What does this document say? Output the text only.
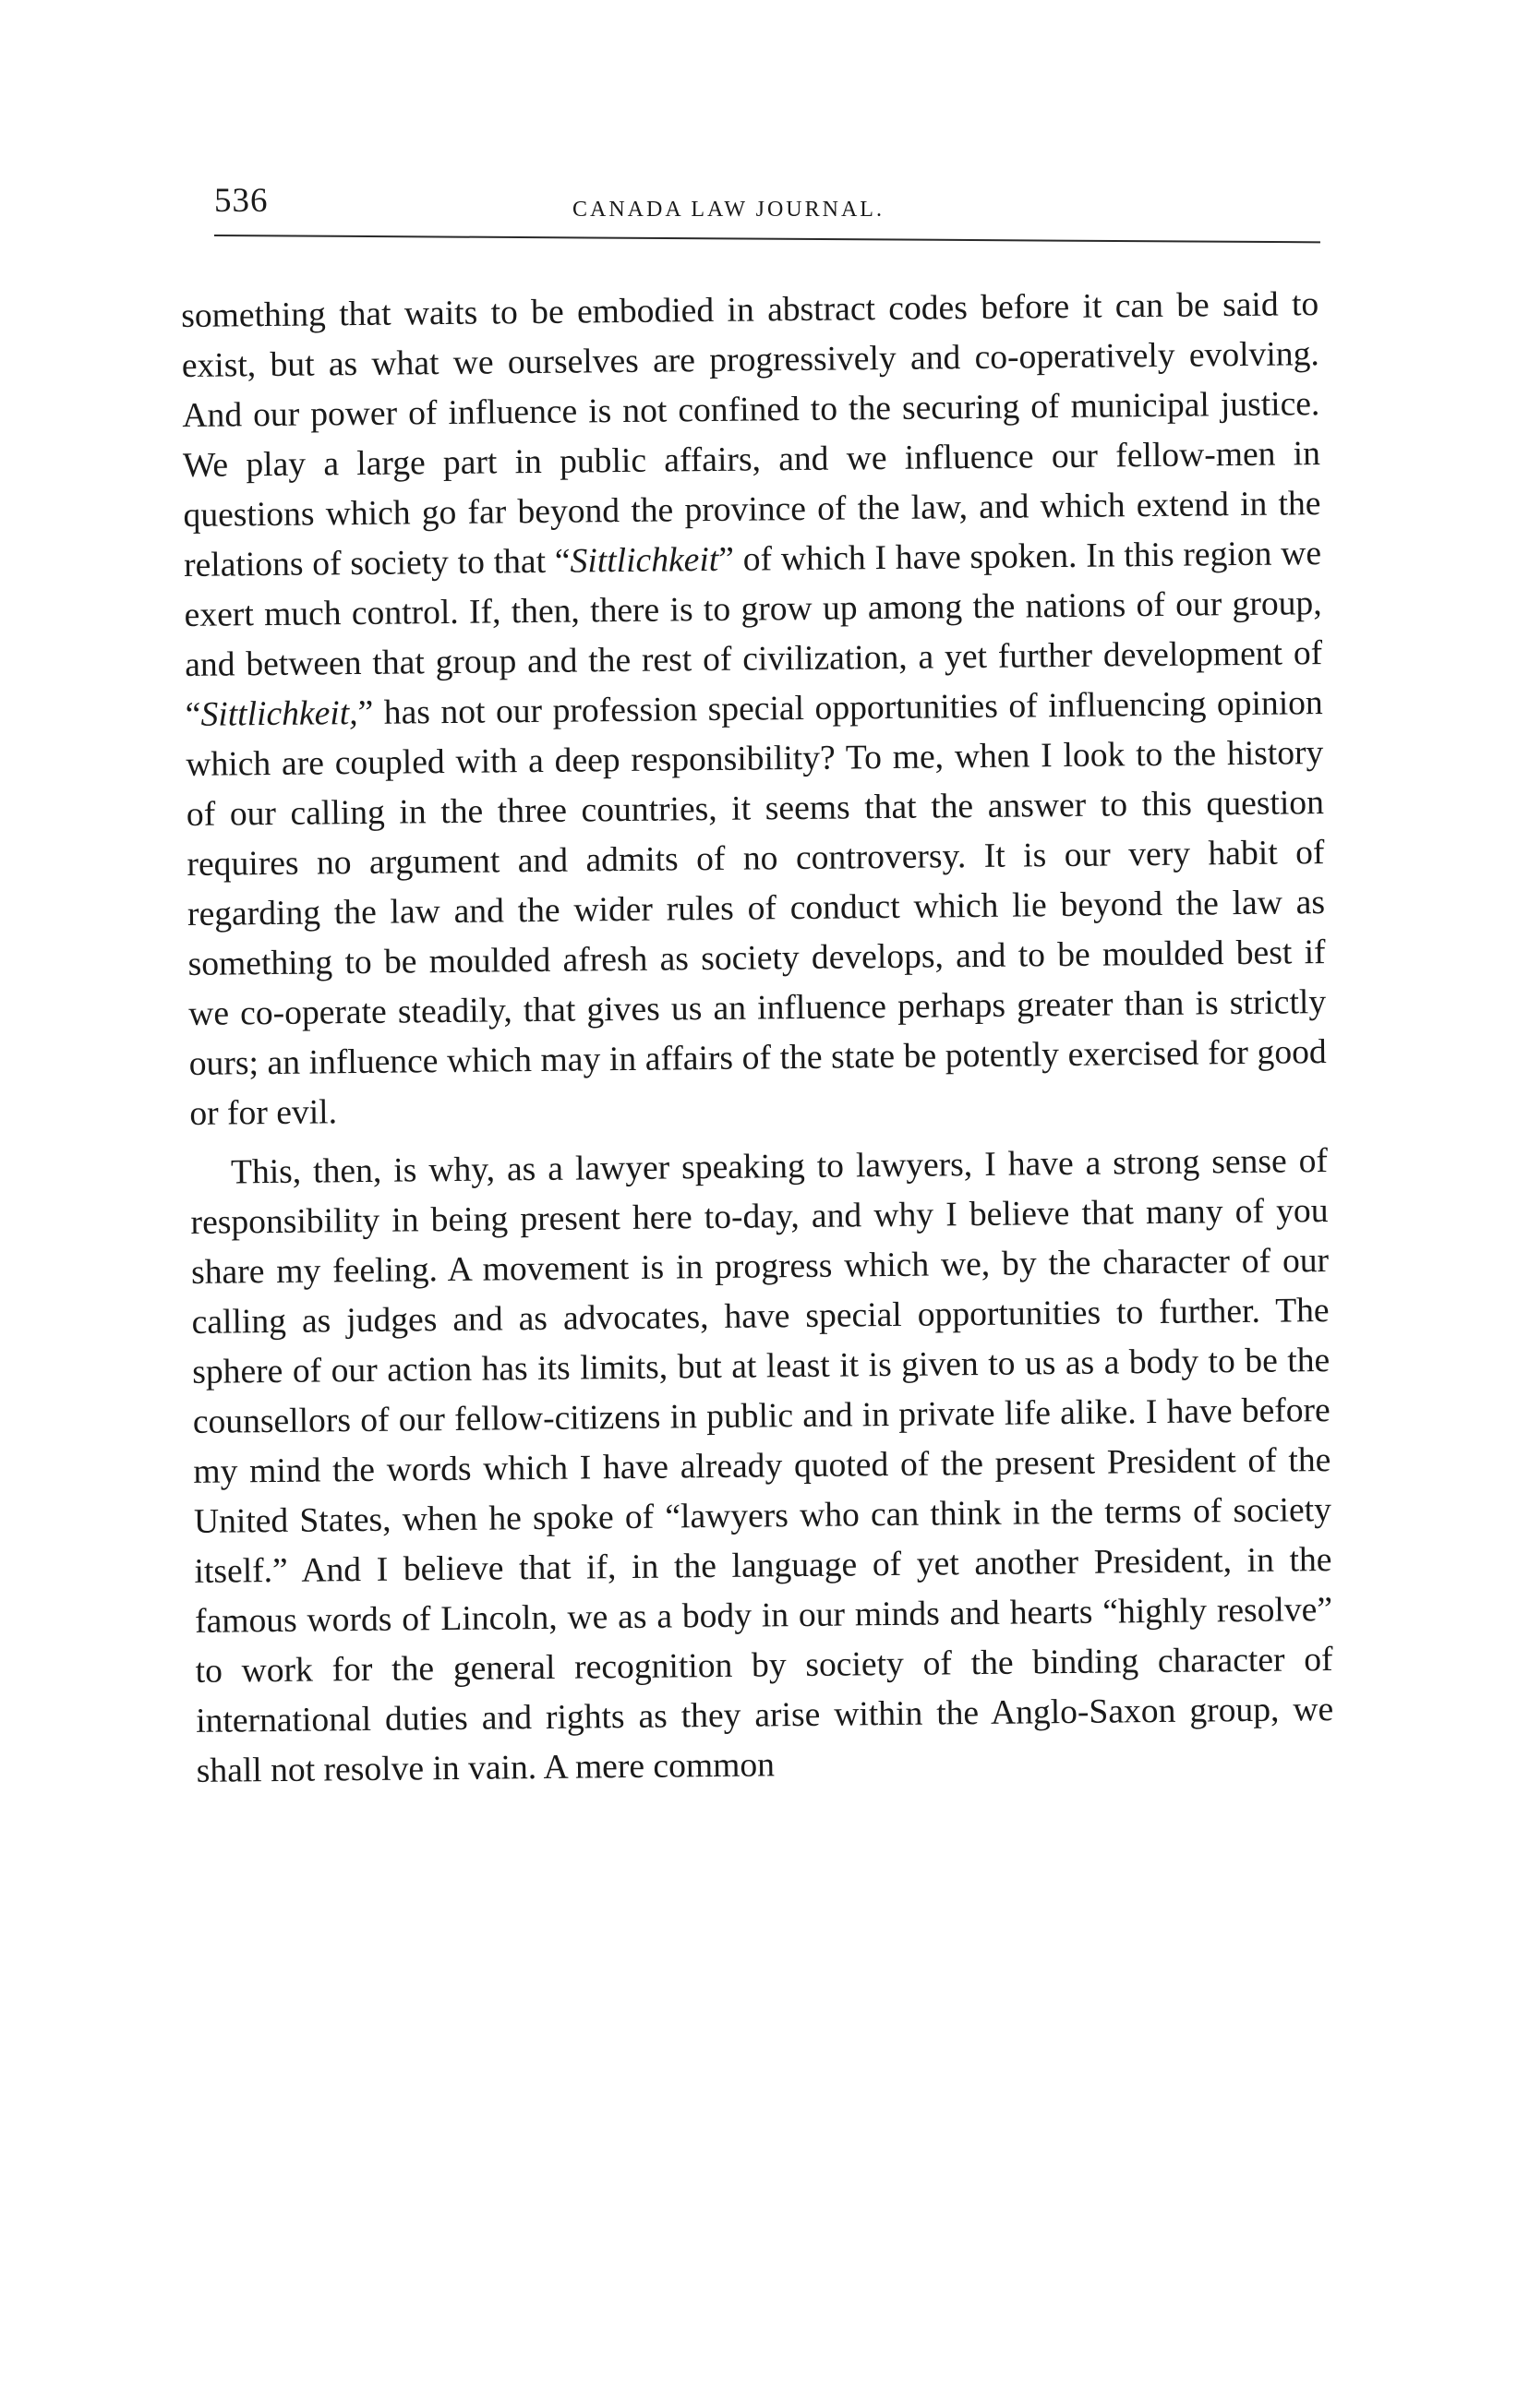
536	CANADA LAW JOURNAL.

something that waits to be embodied in abstract codes before it can be said to exist, but as what we ourselves are progressively and co-operatively evolving. And our power of influence is not confined to the securing of municipal justice. We play a large part in public affairs, and we influence our fellow-men in questions which go far beyond the province of the law, and which extend in the relations of society to that “Sittlichkeit” of which I have spoken. In this region we exert much control. If, then, there is to grow up among the nations of our group, and between that group and the rest of civilization, a yet further development of “Sittlichkeit,” has not our profession special opportunities of influencing opinion which are coupled with a deep responsibility? To me, when I look to the history of our calling in the three countries, it seems that the answer to this question requires no argument and admits of no controversy. It is our very habit of regarding the law and the wider rules of conduct which lie beyond the law as something to be moulded afresh as society develops, and to be moulded best if we co-operate steadily, that gives us an influence perhaps greater than is strictly ours; an influence which may in affairs of the state be potently exercised for good or for evil.

This, then, is why, as a lawyer speaking to lawyers, I have a strong sense of responsibility in being present here to-day, and why I believe that many of you share my feeling. A movement is in progress which we, by the character of our calling as judges and as advocates, have special opportunities to further. The sphere of our action has its limits, but at least it is given to us as a body to be the counsellors of our fellow-citizens in public and in private life alike. I have before my mind the words which I have already quoted of the present President of the United States, when he spoke of “lawyers who can think in the terms of society itself.” And I believe that if, in the language of yet another President, in the famous words of Lincoln, we as a body in our minds and hearts “highly resolve” to work for the general recognition by society of the binding character of international duties and rights as they arise within the Anglo-Saxon group, we shall not resolve in vain. A mere common
